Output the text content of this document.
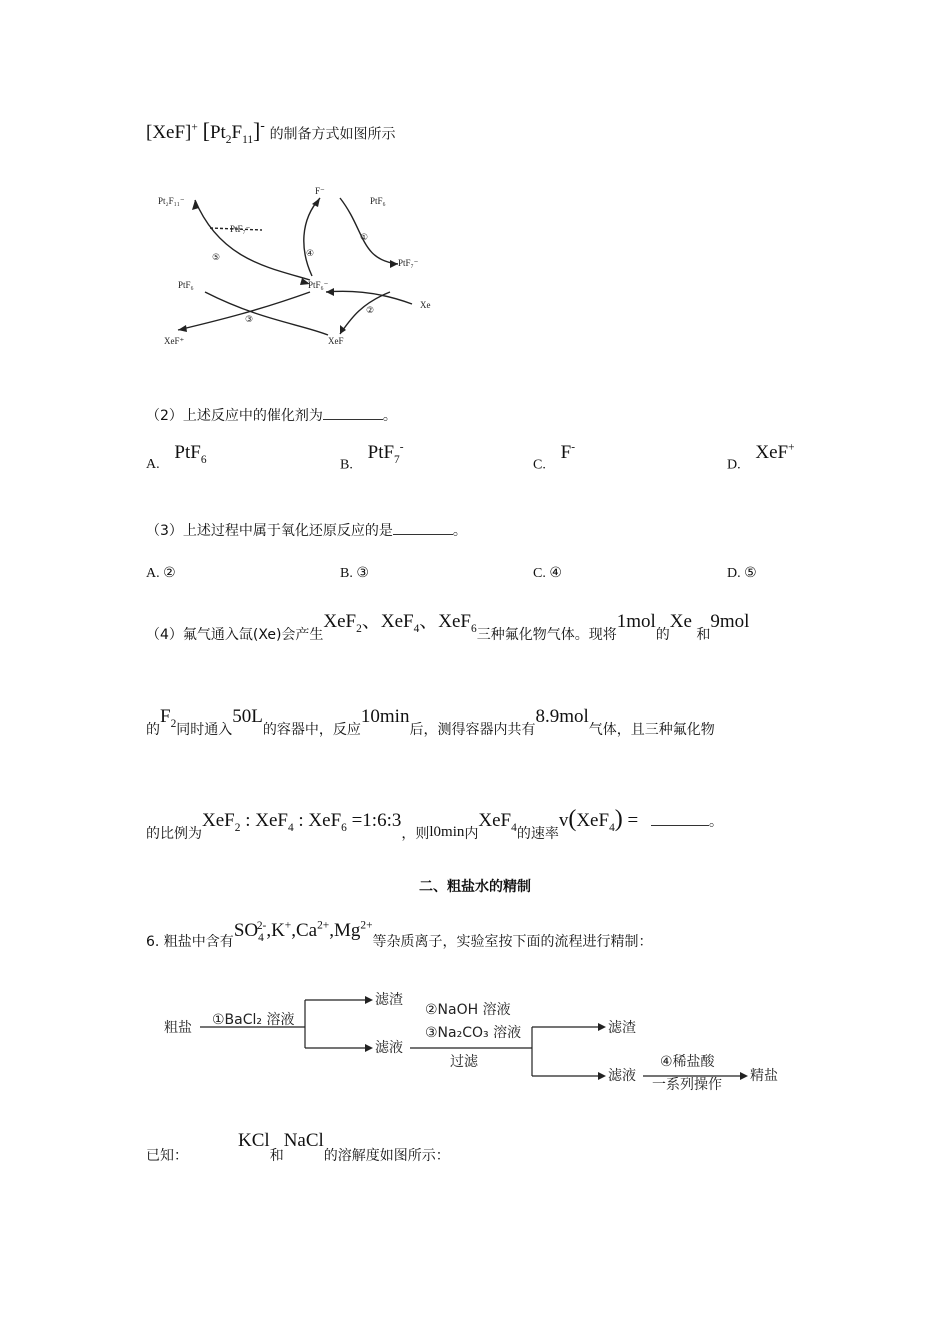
[XeF]+ $[Pt_2F_{11}]^-$ 的制备方式如图所示
Pt₂F₁₁⁻
F⁻
PtF₆
PtF₇⁻
PtF₇⁻
PtF₆	PtF₆⁻
Xe
XeF⁺	XeF
①
②
③
④
⑤
（2）上述反应中的催化剂为	。
A. PtF$_6$	B. PtF$_7$-
C. F-
D. XeF+
（3）上述过程中属于氧化还原反应的是	。
A. ②	B. ③	C. ④	D. ⑤
（4）氟气通入氙(Xe)会产生XeF$_2$、XeF$_4$、XeF$_6$三种氟化物气体。现将1mol的Xe 和9mol
的$F_2$同时通入50L的容器中，反应10min后，测得容器内共有8.9mol气体，且三种氟化物
的比例为XeF$_2$ : XeF$_4$ : XeF$_6$ =1:6:3，则l0min内XeF$_4$的速率v(XeF$_4$) =	。
二、粗盐水的精制
6. 粗盐中含有$SO_4^{2-},K^+,Ca^{2+},Mg^{2+}$等杂质离子，实验室按下面的流程进行精制：
粗盐 ①BaCl₂ 溶液
滤渣
滤液
②NaOH 溶液
③Na₂CO₃ 溶液
过滤
滤渣
滤液
④稀盐酸
一系列操作
精盐
已知：KCl和NaCl的溶解度如图所示：
